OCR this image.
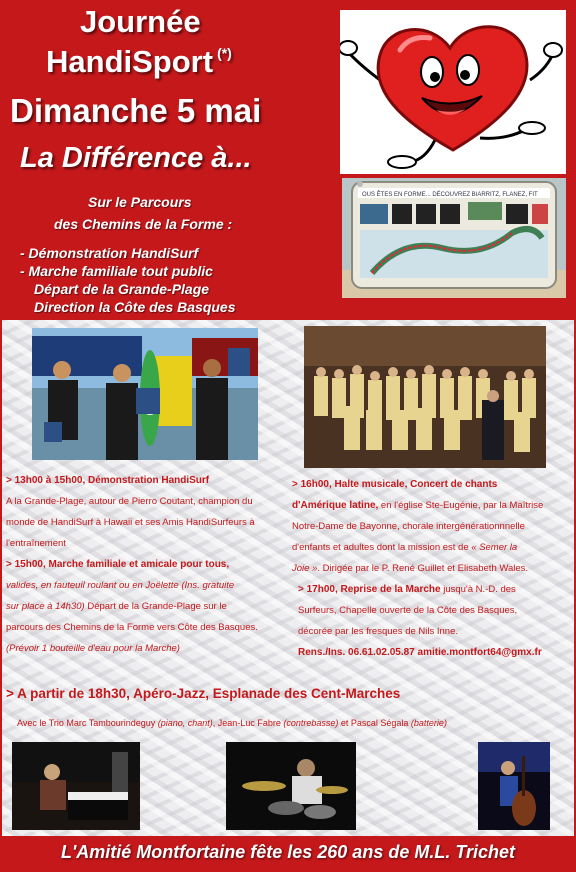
Journée
HandiSport (*)
Dimanche 5 mai
La Différence à...
OUS ÊTES EN FORME... DÉCOUVREZ BIARRITZ, FLANEZ, FIT
Sur le Parcours
des Chemins de la Forme :
- Démonstration HandiSurf
- Marche familiale tout public
Départ de la Grande-Plage
Direction la Côte des Basques
> 13h00 à 15h00, Démonstration HandiSurf
A la Grande-Plage, autour de Pierro Coutant, champion du
monde de HandiSurf à Hawaii et ses Amis HandiSurfeurs à
l'entraînement
> 15h00, Marche familiale et amicale pour tous,
valides, en fauteuil roulant ou en Joëlette (Ins. gratuite
sur place à 14h30) Départ de la Grande-Plage sur le
parcours des Chemins de la Forme vers Côte des Basques.
(Prévoir 1 bouteille d'eau pour la Marche)
> 16h00, Halte musicale, Concert de chants
d'Amérique latine, en l'église Ste-Eugénie, par la Maîtrise
Notre-Dame de Bayonne, chorale intergénérationnnelle
d'enfants et adultes dont la mission est de « Semer la
Joie ». Dirigée par le P. René Guillet et Elisabeth Wales.
> 17h00, Reprise de la Marche jusqu'à N.-D. des
Surfeurs, Chapelle ouverte de la Côte des Basques,
décorée par les fresques de Nils Inne.
Rens./Ins. 06.61.02.05.87 amitie.montfort64@gmx.fr
> A partir de 18h30, Apéro-Jazz, Esplanade des Cent-Marches
Avec le Trio Marc Tambourindeguy (piano, chant), Jean-Luc Fabre (contrebasse) et Pascal Ségala (batterie)
L'Amitié Montfortaine fête les 260 ans de M.L. Trichet
